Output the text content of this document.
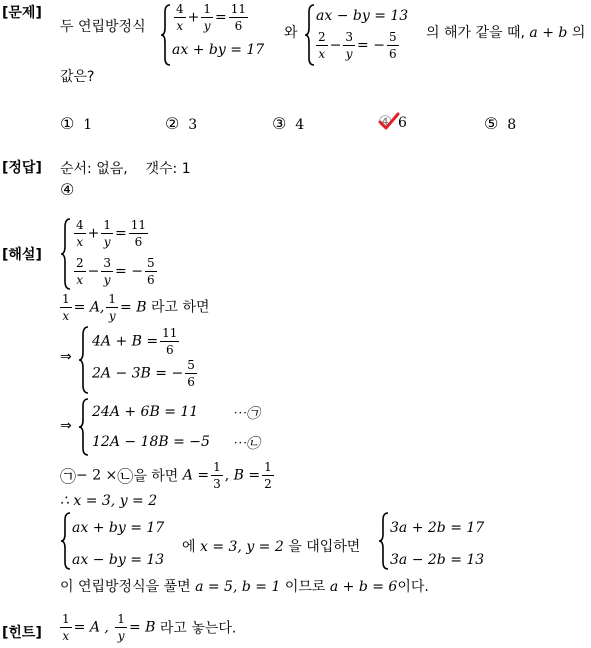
[문제]
두 연립방정식 $\frac{4}{x} + \frac{1}{y} = \frac{11}{6}$
ax + by = 17
와
ax − by = 13
$\frac{2}{x} - \frac{3}{y}$ = − $\frac{5}{6}$ 의 해가 같을 때, a + b 의
값은?
① 1	② 3	③ 4	④ 6	⑤ 8
[정답] 순서: 없음,    갯수: 1
④
[해설]
$\frac{4}{x} + \frac{1}{y} = \frac{11}{6}$
$\frac{2}{x} - \frac{3}{y}$ = − $\frac{5}{6}$
$\frac{1}{x} = A$, $\frac{1}{y} = B$ 라고 하면
⇒
$4A + B = \frac{11}{6}$
2A − 3B = − $\frac{5}{6}$
⇒
24A + 6B = 11 ⋯㉠
12A − 18B = −5 ⋯㉡
㉠− 2 ×㉡을 하면 $A = \frac{1}{3}$ , $B = \frac{1}{2}$
∴ x = 3, y = 2
ax + by = 17
ax − by = 13
에 x = 3, y = 2 을 대입하면
3a + 2b = 17
3a − 2b = 13
이 연립방정식을 풀면 a = 5, b = 1 이므로 a + b = 6이다.
[힌트] $\frac{1}{x} = A$ , $\frac{1}{y} = B$ 라고 놓는다.
